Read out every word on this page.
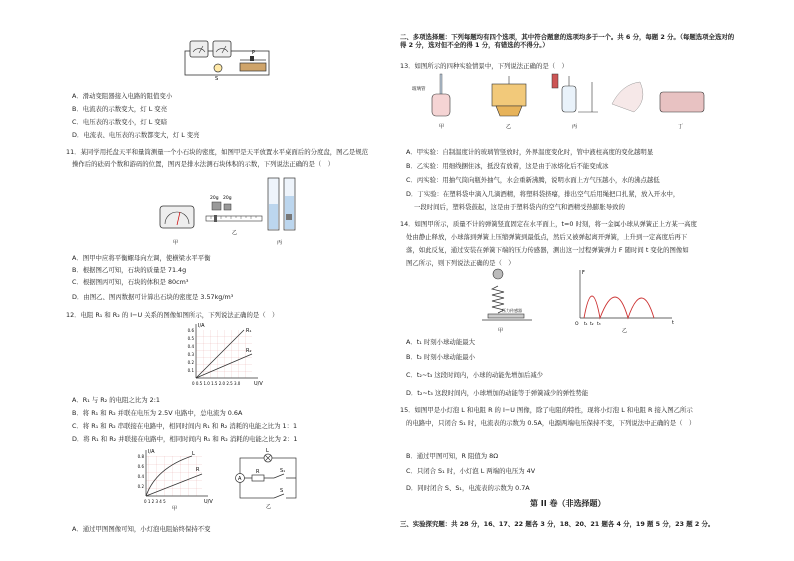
S
P
A．滑动变阻器接入电路的阻值变小
B．电流表的示数变大，灯 L 变亮
C．电压表的示数变小，灯 L 变暗
D．电流表、电压表的示数都变大，灯 L 变亮
11．某同学用托盘天平和量筒测量一个小石块的密度，如图甲是天平放置水平桌面后的分度盘，图乙是规范
操作后的砝码个数和游码的位置，图丙是排水法测石块体积的示数，下列说法正确的是（　）
甲
20g 20g
乙
丙
A．图甲中应将平衡螺母向左调，使横梁水平平衡
B．根据图乙可知，石块的质量是 71.4g
C．根据图丙可知，石块的体积是 80cm³
D．由图乙、图丙数据可计算出石块的密度是 3.57kg/m³
12．电阻 R₁ 和 R₂ 的 I−U 关系的图像如图所示，下列说法正确的是（　）
I/A
U/V
R₁
R₂
0.6
0.5
0.4
0.3
0.2
0.1
0 0.5 1.0 1.5 2.0 2.5 3.0
A．R₁ 与 R₂ 的电阻之比为 2:1
B．将 R₁ 和 R₂ 并联在电压为 2.5V 电路中，总电流为 0.6A
C．将 R₁ 和 R₂ 串联接在电路中，相同时间内 R₁ 和 R₂ 消耗的电能之比为 1：1
D．将 R₁ 和 R₂ 并联接在电路中，相同时间内 R₁ 和 R₂ 消耗的电能之比为 2：1
I/A
U/V
L
R
0.8
0.6
0.4
0.2
0 1 2 3 4 5
甲
L
R
A
S₁
S
乙
A．通过甲图图像可知，小灯泡电阻始终保持不变
二、多项选择题：下列每题均有四个选项，其中符合题意的选项均多于一个。共 6 分，每题 2 分。（每题选项全选对的得 2 分，选对但不全的得 1 分，有错选的不得分。）
13．如图所示的四种实验情景中，下列说法正确的是（　）
玻璃管
甲	乙	丙	丁
A．甲实验：自制温度计的玻璃管竖放时，外界温度变化时，管中液柱高度的变化越明显
B．乙实验：用细线捆住冰，抵没有放着，这是由于冰熔化后不能变成冰
C．丙实验：用抽气筒向瓶外抽气，水会重新沸腾，说明水面上方气压越小，水的沸点越低
D．丁实验：在塑料袋中滴入几滴酒精，将塑料袋挤瘪，排出空气后用绳把口扎紧，放入开水中，
一段时间后，塑料袋鼓起，这是由于塑料袋内的空气和酒精受热膨胀导致的
14．如图甲所示，质量不计的弹簧竖直固定在水平面上，t=0 时刻，将一金属小球从弹簧正上方某一高度
处由静止释放，小球落到弹簧上压缩弹簧到最低点，然后又被弹起离开弹簧，上升到一定高度后再下
落，如此反复，通过安装在弹簧下端的压力传感器，测出这一过程弹簧弹力 F 随时间 t 变化的图像如
图乙所示，则下列说法正确的是（　）
压力传感器
甲
F
t
O t₁ t₂ t₃
乙
A．t₁ 时刻小球动能最大
B．t₂ 时刻小球动能最小
C．t₂~t₃ 这段时间内，小球的动能先增加后减少
D．t₂~t₃ 这段时间内，小球增加的动能等于弹簧减少的弹性势能
15．如图甲是小灯泡 L 和电阻 R 的 I−U 图像，除了电阻的特性，现将小灯泡 L 和电阻 R 接入图乙所示
的电路中，只闭合 S₁ 时，电流表的示数为 0.5A，电源两端电压保持不变，下列说法中正确的是（　）
B．通过甲图可知，R 阻值为 8Ω
C．只闭合 S₁ 时，小灯泡 L 两端的电压为 4V
D．同时闭合 S、S₁，电流表的示数为 0.7A
第 II 卷（非选择题）
三、实验探究题：共 28 分，16、17、22 题各 3 分，18、20、21 题各 4 分，19 题 5 分，23 题 2 分。
